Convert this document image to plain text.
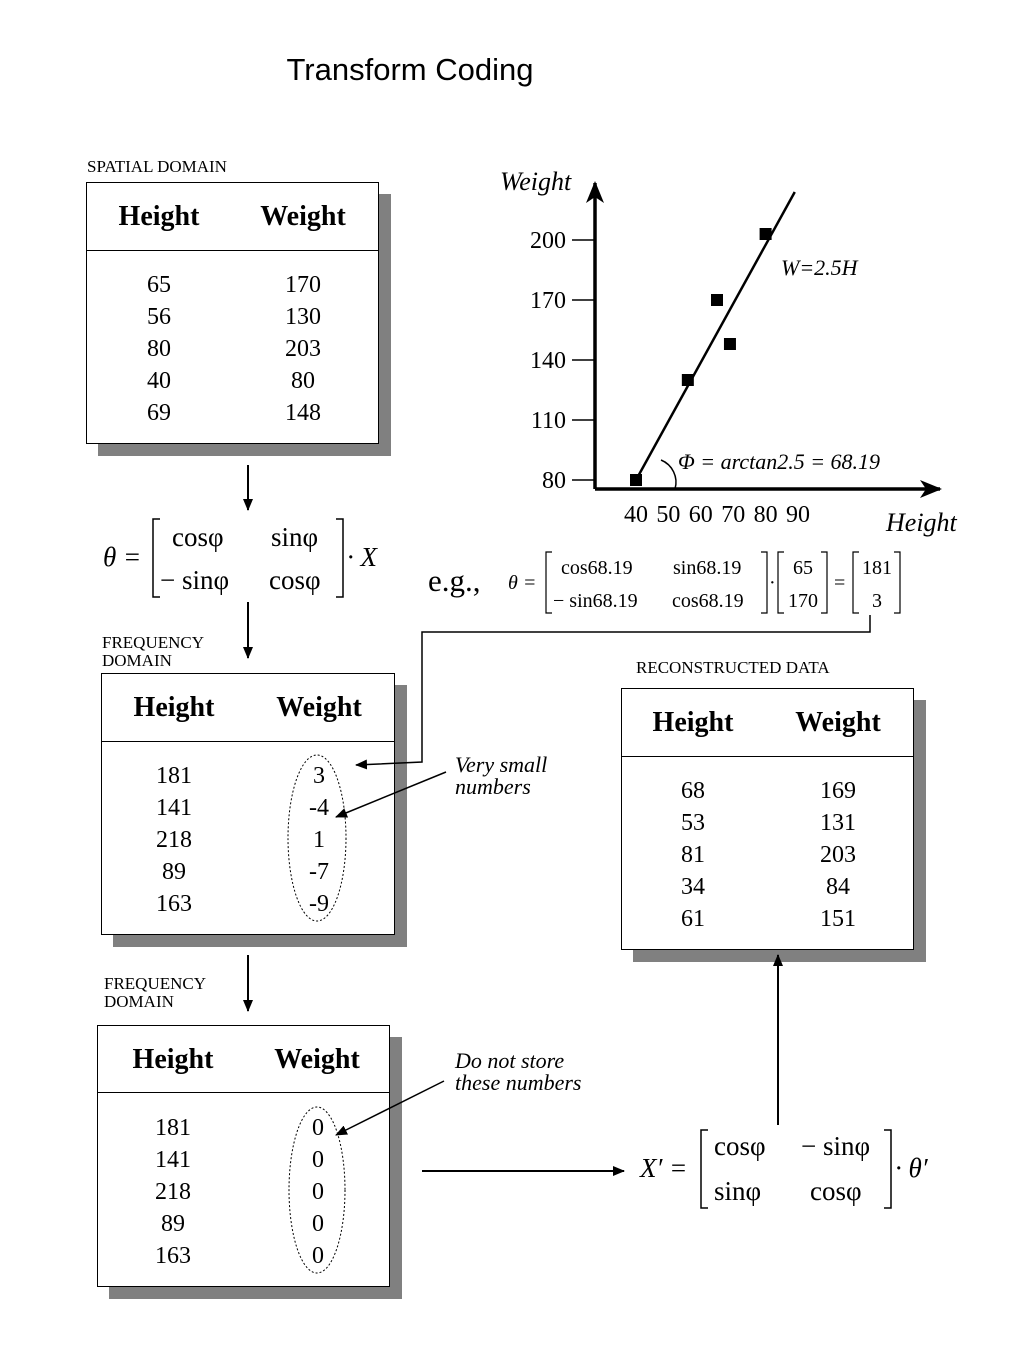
Transform Coding
SPATIAL DOMAIN
Height	Weight
65	170
56	130
80	203
40	80
69	148
FREQUENCY
DOMAIN
Height	Weight
181	3
141	-4
218	1
89	-7
163	-9
FREQUENCY
DOMAIN
Height	Weight
181	0
141	0
218	0
89	0
163	0
RECONSTRUCTED DATA
Height	Weight
68	169
53	131
81	203
34	84
61	151
Very small
numbers
Do not store
these numbers
θ =
cosφ sinφ
− sinφ cosφ
· X
e.g., θ =
cos68.19 sin68.19
− sin68.19 cos68.19
·
65
170
=
181
3
X′ =
cosφ − sinφ
sinφ cosφ
· θ′
Weight
Height
80
110
140
170
200
40 50 60 70 80 90
W=2.5H
Φ = arctan2.5 = 68.19
